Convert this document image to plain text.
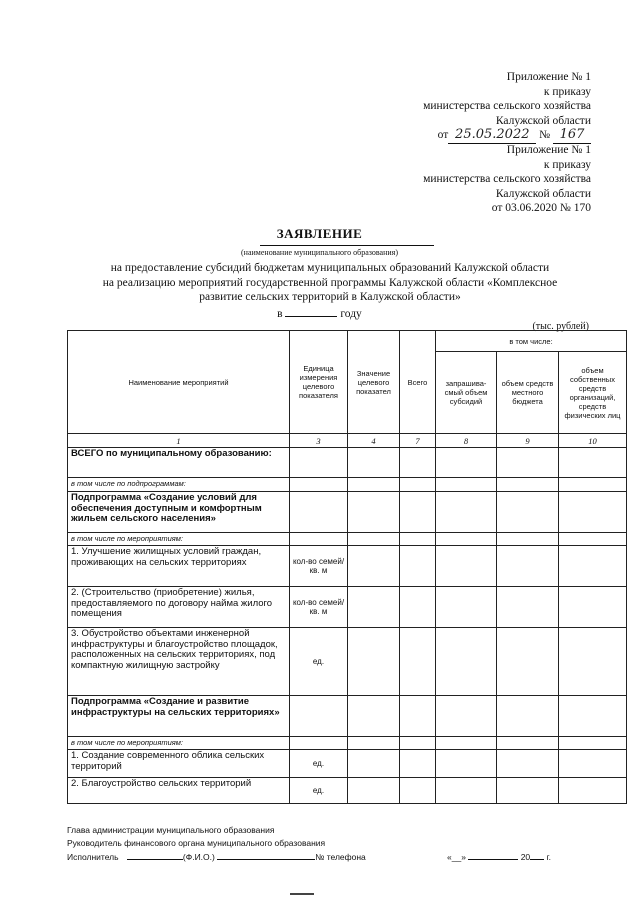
Приложение № 1
к приказу
министерства сельского хозяйства
Калужской области
от 25.05.2022 № 167
Приложение № 1
к приказу
министерства сельского хозяйства
Калужской области
от 03.06.2020 № 170
ЗАЯВЛЕНИЕ
(наименование муниципального образования)
на предоставление субсидий бюджетам муниципальных образований Калужской области
на реализацию мероприятий государственной программы Калужской области «Комплексное
развитие сельских территорий в Калужской области»
в	году
(тыс. рублей)
Наименование мероприятий	Единица измерения целевого показателя	Значение целевого показател	Всего	в том числе:		
				запрашива-смый объем субсидий	объем средств местного бюджета	объем собственных средств организаций, средств физических лиц
1	3	4	7	8	9	10
ВСЕГО по муниципальному образованию:						
в том числе по подпрограммам:						
Подпрограмма «Создание условий для обеспечения доступным и комфортным жильем сельского населения»						
в том числе по мероприятиям:						
1. Улучшение жилищных условий граждан, проживающих на сельских территориях	кол-во семей/ кв. м					
2. (Строительство (приобретение) жилья, предоставляемого по договору найма жилого помещения	кол-во семей/ кв. м					
3. Обустройство объектами инженерной инфраструктуры и благоустройство площадок, расположенных на сельских территориях, под компактную жилищную застройку	ед.					
Подпрограмма «Создание и развитие инфраструктуры на сельских территориях»						
в том числе по мероприятиям:						
1. Создание современного облика сельских территорий	ед.					
2. Благоустройство сельских территорий	ед.					
Глава администрации муниципального образования
Руководитель финансового органа муниципального образования
Исполнитель	(Ф.И.О.)	№ телефона	«__»	20 г.
